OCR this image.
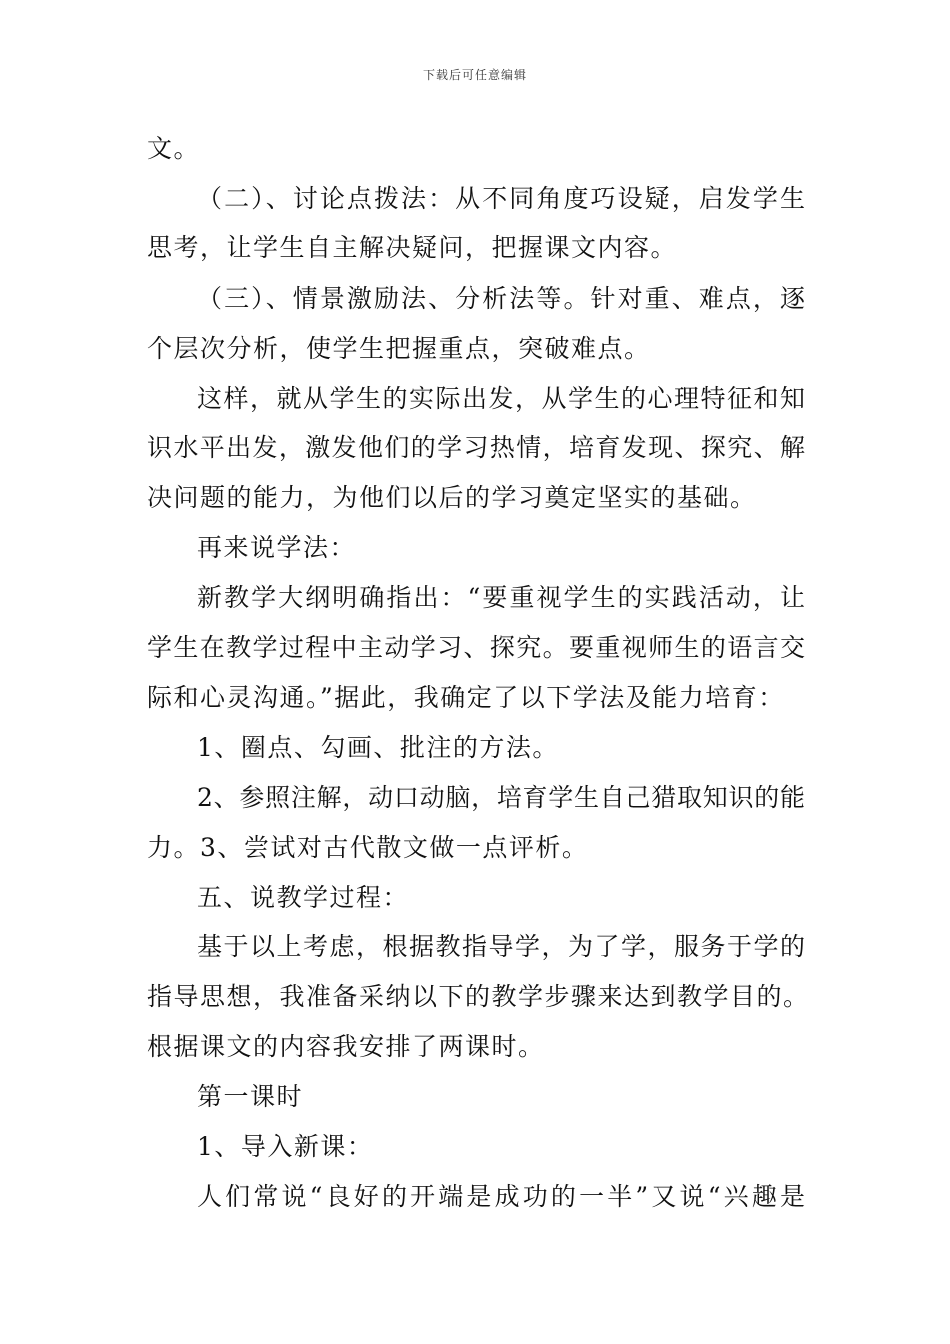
下载后可任意编辑
文。
（二）、讨论点拨法：从不同角度巧设疑，启发学生
思考，让学生自主解决疑问，把握课文内容。
（三）、情景激励法、分析法等。针对重、难点，逐
个层次分析，使学生把握重点，突破难点。
这样，就从学生的实际出发，从学生的心理特征和知
识水平出发，激发他们的学习热情，培育发现、探究、解
决问题的能力，为他们以后的学习奠定坚实的基础。
再来说学法：
新教学大纲明确指出：“要重视学生的实践活动，让
学生在教学过程中主动学习、探究。要重视师生的语言交
际和心灵沟通。”据此，我确定了以下学法及能力培育：
1、圈点、勾画、批注的方法。
2、参照注解，动口动脑，培育学生自己猎取知识的能
力。3、尝试对古代散文做一点评析。
五、说教学过程：
基于以上考虑，根据教指导学，为了学，服务于学的
指导思想，我准备采纳以下的教学步骤来达到教学目的。
根据课文的内容我安排了两课时。
第一课时
1、导入新课：
人们常说“良好的开端是成功的一半”又说“兴趣是
